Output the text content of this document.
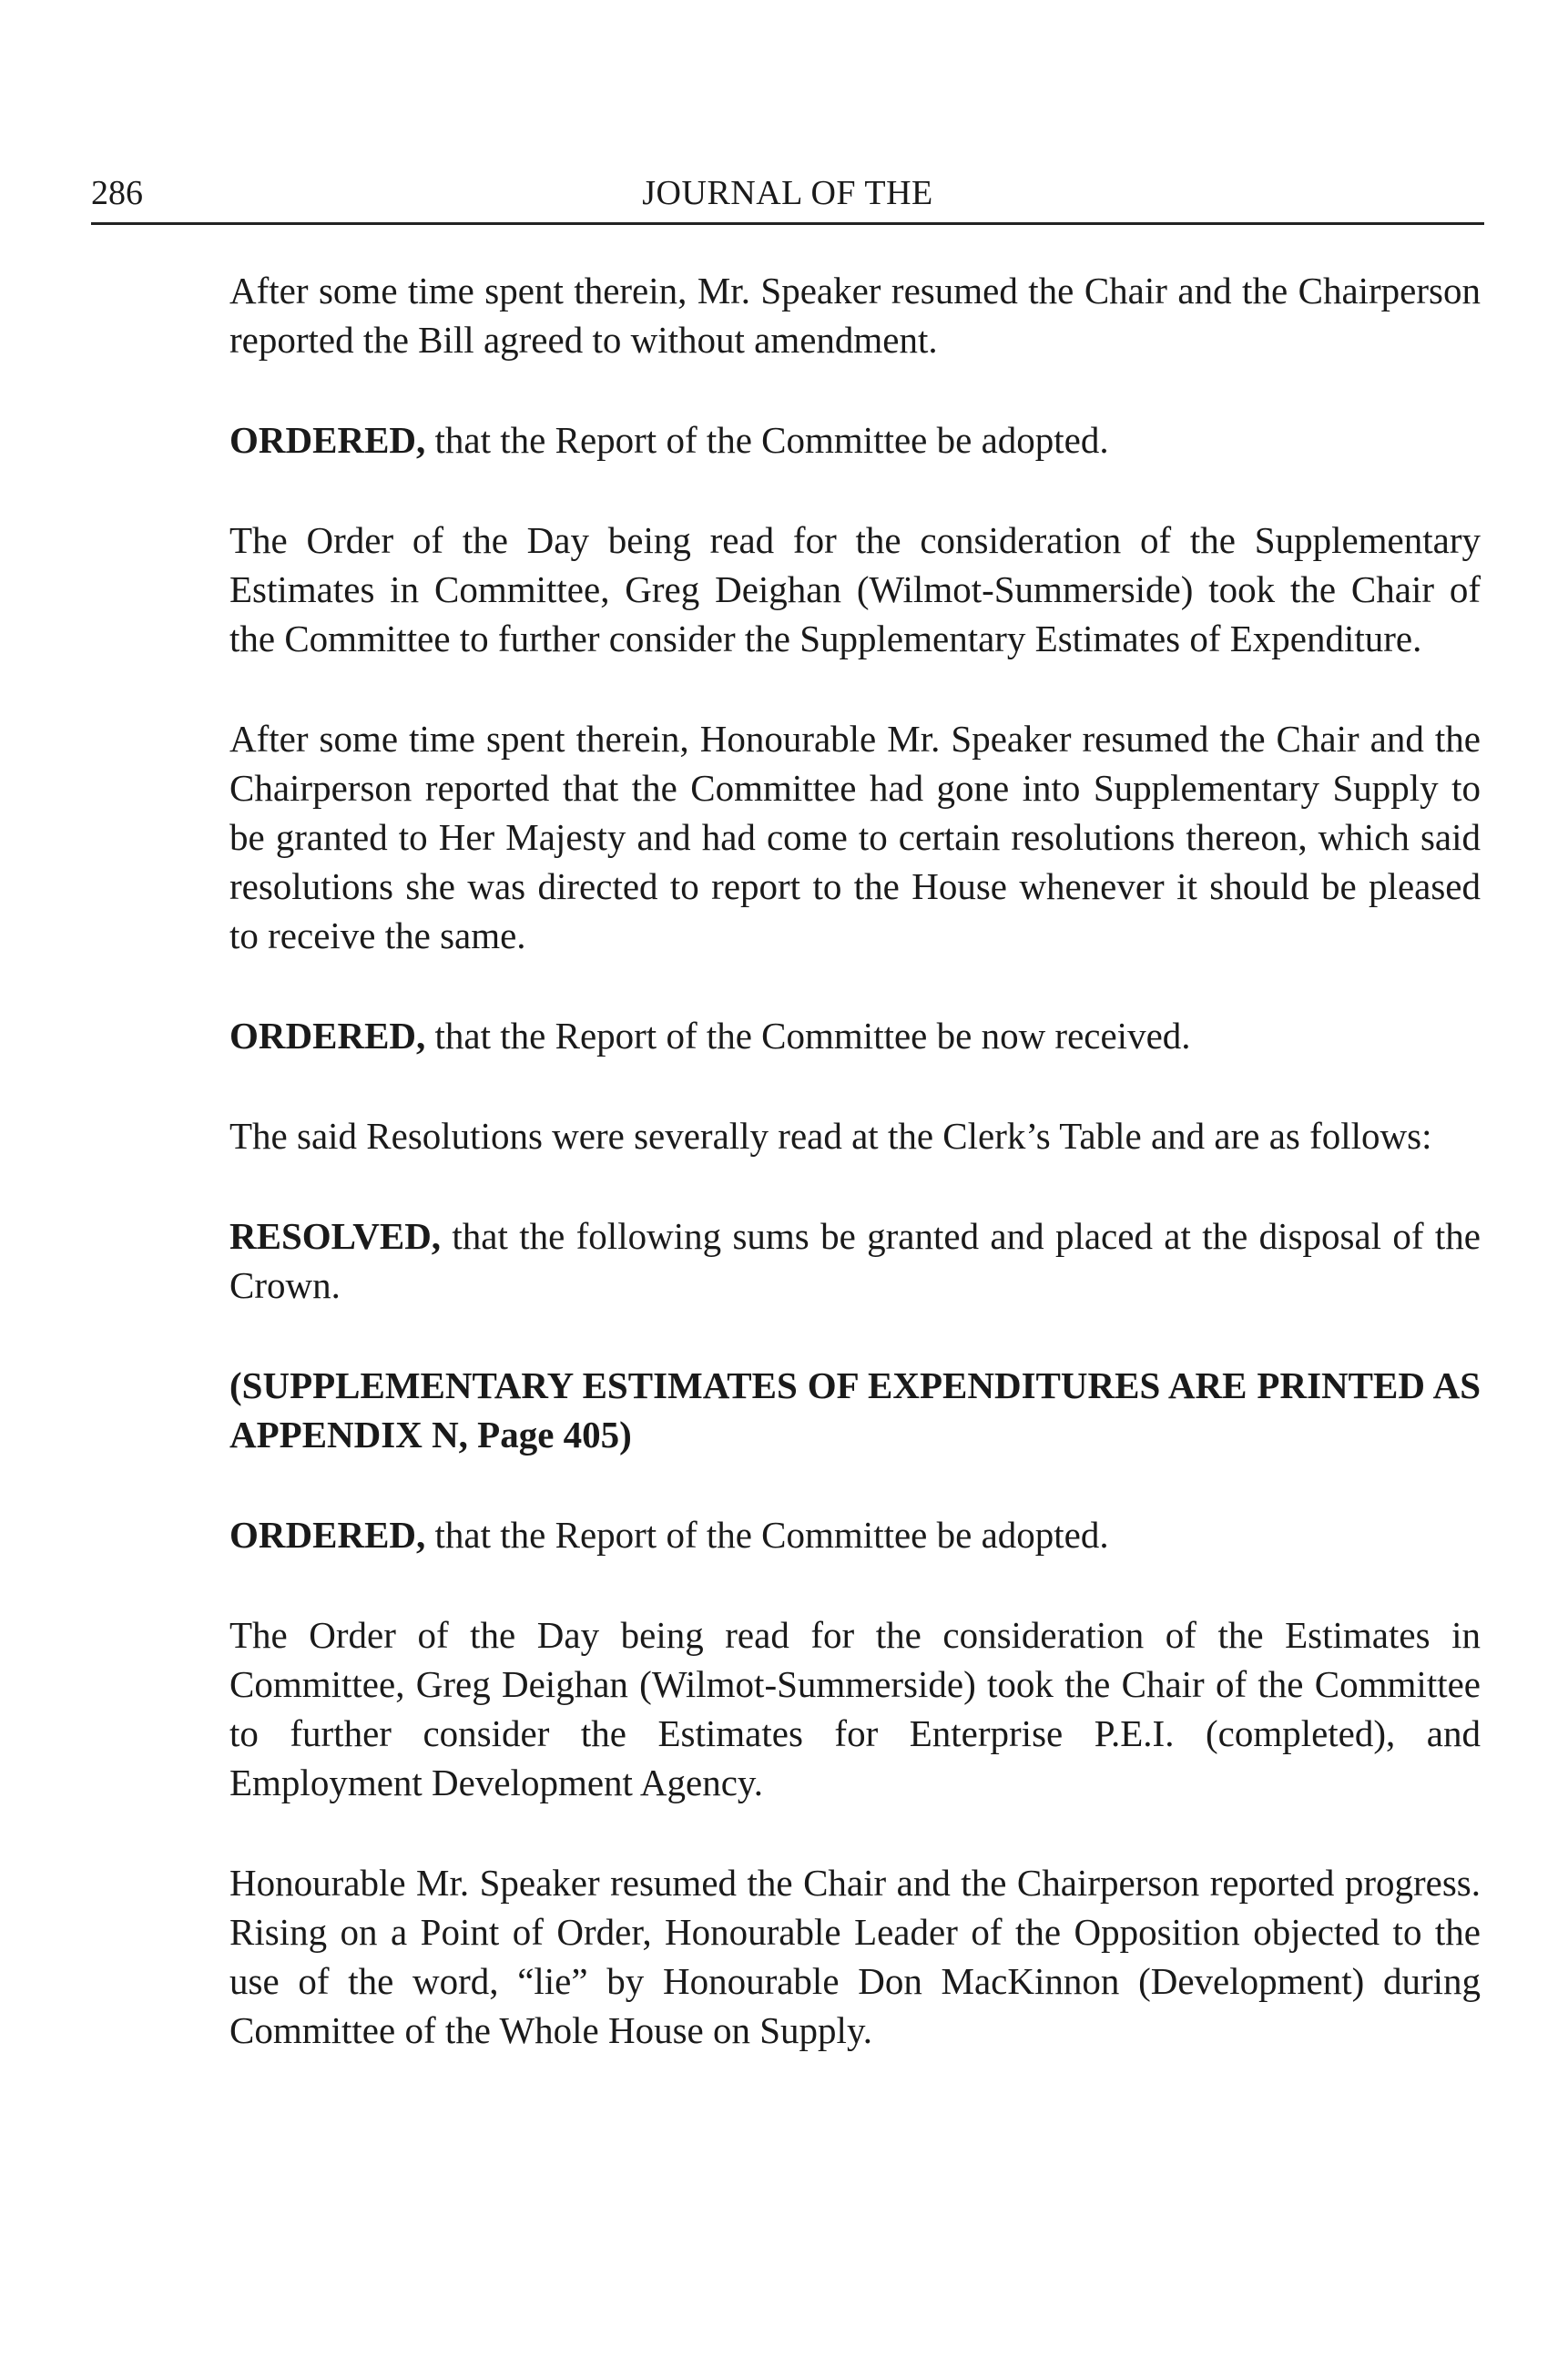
286	JOURNAL OF THE

After some time spent therein, Mr. Speaker resumed the Chair and the Chairperson reported the Bill agreed to without amendment.

ORDERED, that the Report of the Committee be adopted.

The Order of the Day being read for the consideration of the Supplementary Estimates in Committee, Greg Deighan (Wilmot-Summerside) took the Chair of the Committee to further consider the Supplementary Estimates of Expenditure.

After some time spent therein, Honourable Mr. Speaker resumed the Chair and the Chairperson reported that the Committee had gone into Supplementary Supply to be granted to Her Majesty and had come to certain resolutions thereon, which said resolutions she was directed to report to the House whenever it should be pleased to receive the same.

ORDERED, that the Report of the Committee be now received.

The said Resolutions were severally read at the Clerk’s Table and are as follows:

RESOLVED, that the following sums be granted and placed at the disposal of the Crown.

(SUPPLEMENTARY ESTIMATES OF EXPENDITURES ARE PRINTED AS APPENDIX N, Page 405)

ORDERED, that the Report of the Committee be adopted.

The Order of the Day being read for the consideration of the Estimates in Committee, Greg Deighan (Wilmot-Summerside) took the Chair of the Committee to further consider the Estimates for Enterprise P.E.I. (completed), and Employment Development Agency.

Honourable Mr. Speaker resumed the Chair and the Chairperson reported progress. Rising on a Point of Order, Honourable Leader of the Opposition objected to the use of the word, “lie” by Honourable Don MacKinnon (Development) during Committee of the Whole House on Supply.
